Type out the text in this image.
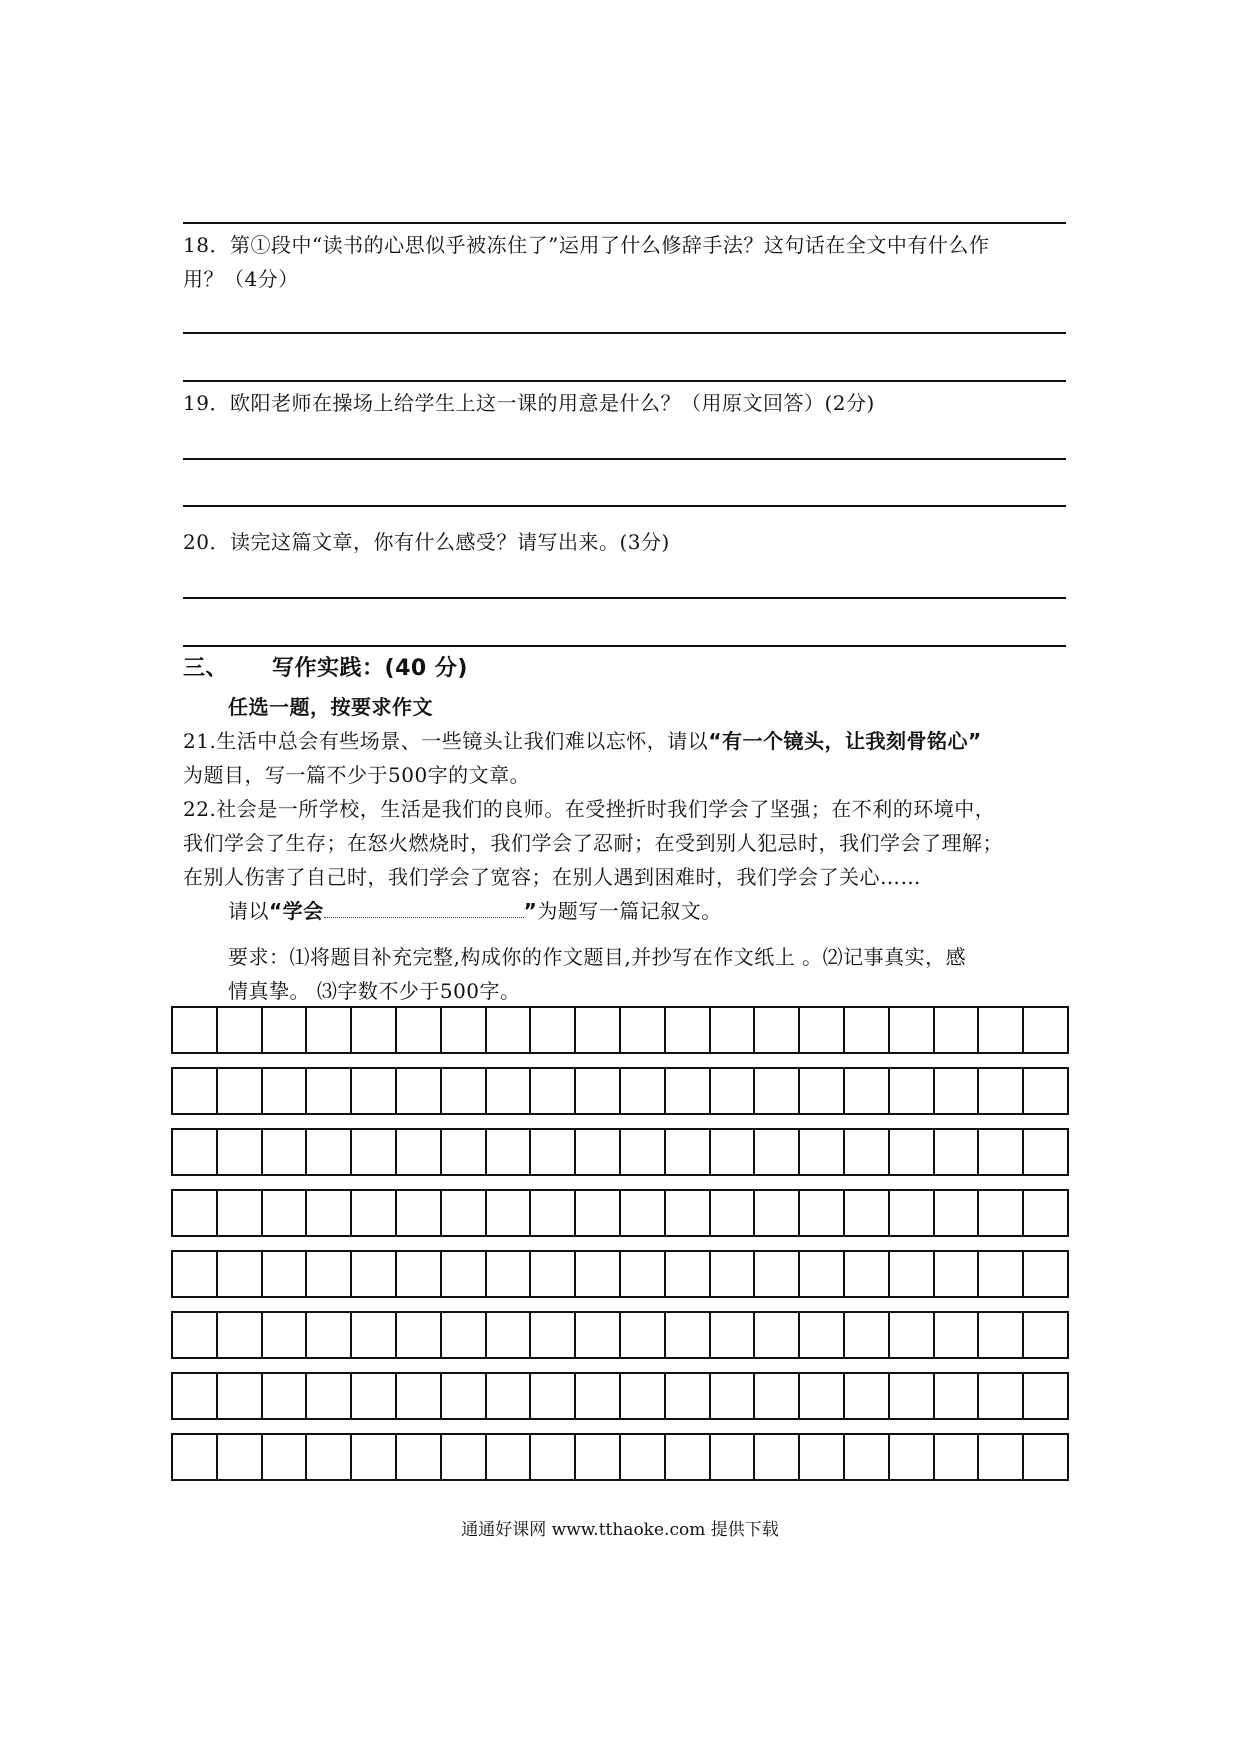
18．第①段中“读书的心思似乎被冻住了”运用了什么修辞手法？这句话在全文中有什么作
用？（4分）
19．欧阳老师在操场上给学生上这一课的用意是什么？（用原文回答）(2分)
20．读完这篇文章，你有什么感受？请写出来。(3分)
三、 写作实践：(40 分)
任选一题，按要求作文
21.生活中总会有些场景、一些镜头让我们难以忘怀，请以“有一个镜头，让我刻骨铭心”
为题目，写一篇不少于500字的文章。
22.社会是一所学校，生活是我们的良师。在受挫折时我们学会了坚强；在不利的环境中，
我们学会了生存；在怒火燃烧时，我们学会了忍耐；在受到别人犯忌时，我们学会了理解；
在别人伤害了自己时，我们学会了宽容；在别人遇到困难时，我们学会了关心……
请以“学会	”为题写一篇记叙文。
要求：⑴将题目补充完整,构成你的作文题目,并抄写在作文纸上 。⑵记事真实，感
情真挚。 ⑶字数不少于500字。
通通好课网 www.tthaoke.com 提供下载
